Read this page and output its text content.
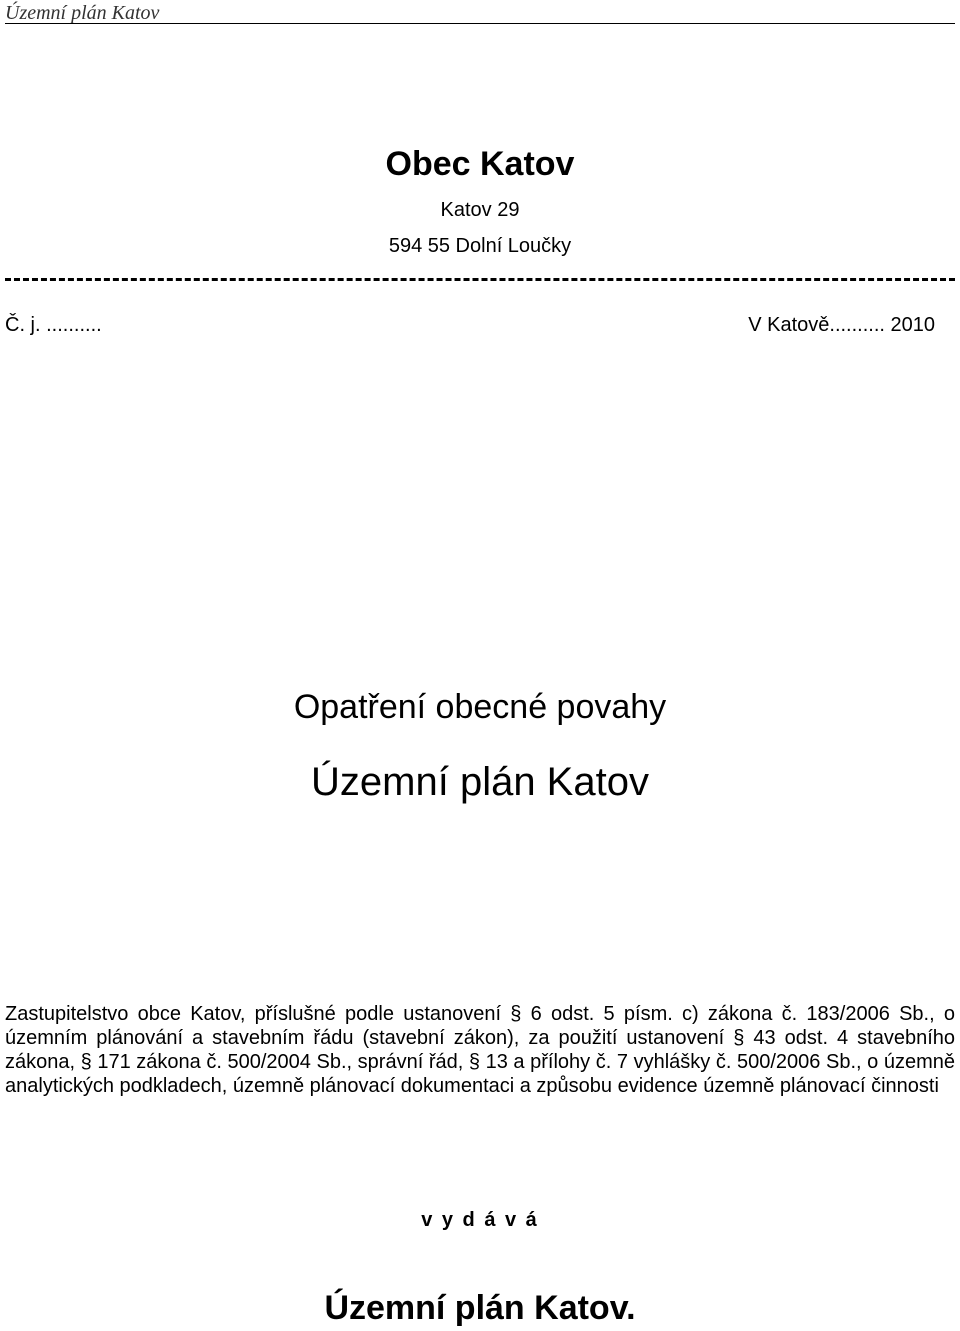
Územní plán Katov
Obec Katov
Katov 29
594 55 Dolní Loučky
Č. j. ..........	V Katově.......... 2010
Opatření obecné povahy
Územní plán Katov

Zastupitelstvo obce Katov, příslušné podle ustanovení § 6 odst. 5 písm. c) zákona č. 183/2006 Sb., o územním plánování a stavebním řádu (stavební zákon), za použití ustanovení § 43 odst. 4 stavebního zákona, § 171 zákona č. 500/2004 Sb., správní řád, § 13 a přílohy č. 7 vyhlášky č. 500/2006 Sb., o územně analytických podkladech, územně plánovací dokumentaci a způsobu evidence územně plánovací činnosti

v y d á v á
Územní plán Katov.
